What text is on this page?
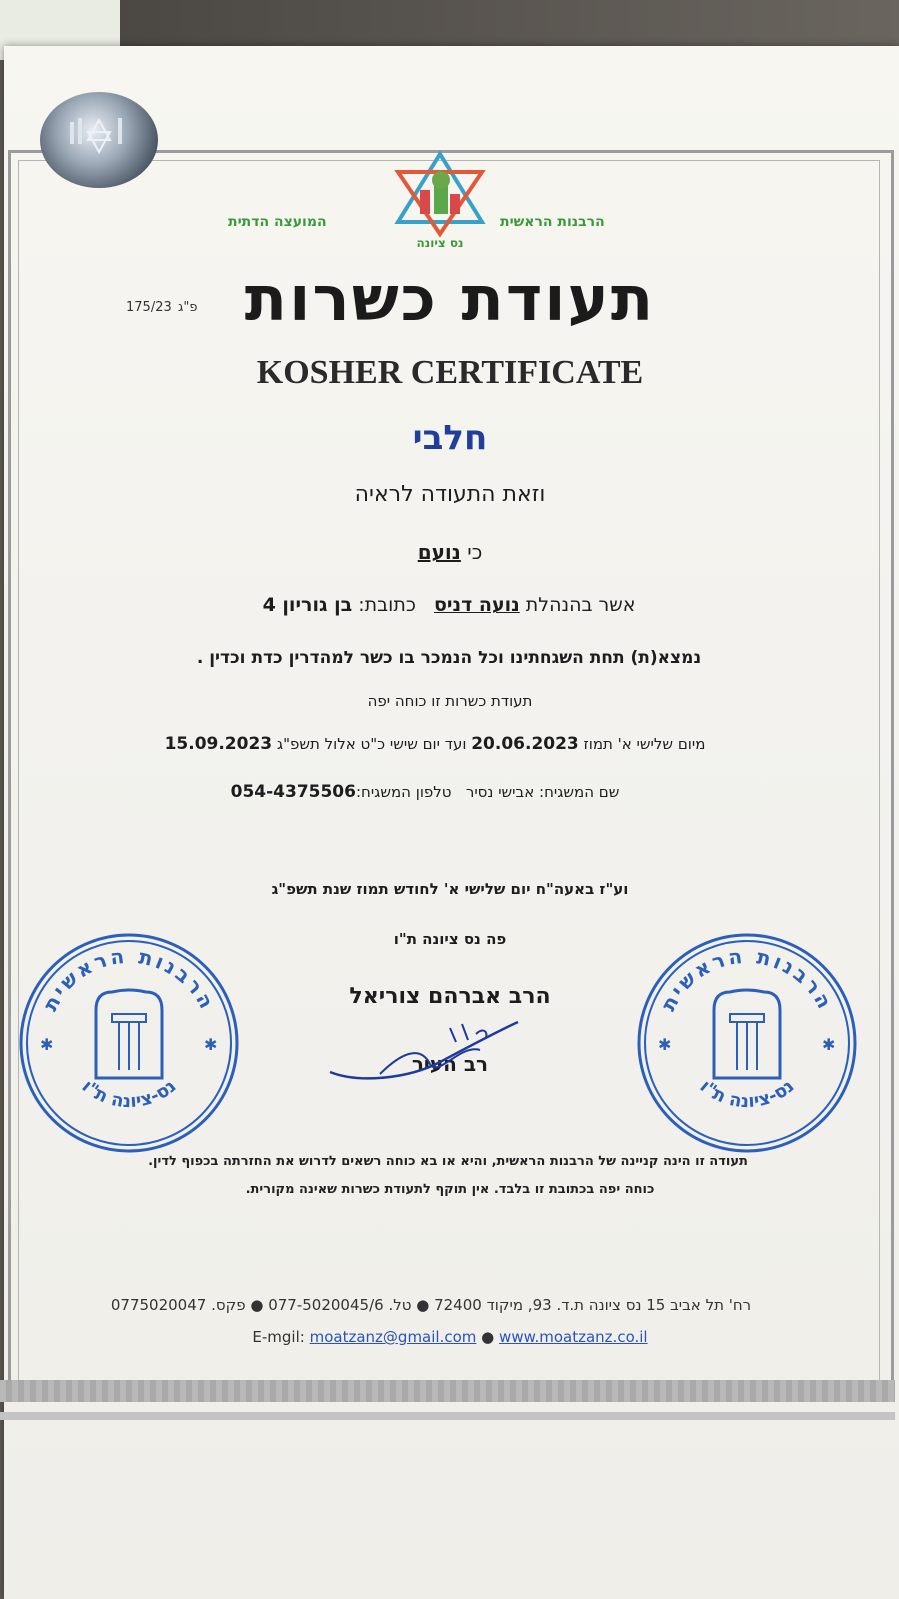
הרבנות הראשית
המועצה הדתית
נס ציונה
175/23 פ"ג תעודת כשרות
KOSHER CERTIFICATE
חלבי
וזאת התעודה לראיה
כי נועם
אשר בהנהלת נועה דניס   כתובת: בן גוריון 4
נמצא(ת) תחת השגחתינו וכל הנמכר בו כשר למהדרין כדת וכדין .
תעודת כשרות זו כוחה יפה
מיום שלישי א' תמוז 20.06.2023 ועד יום שישי כ"ט אלול תשפ"ג 15.09.2023
שם המשגיח: אבישי נסיר   טלפון המשגיח:054-4375506
וע"ז באעה"ח יום שלישי א' לחודש תמוז שנת תשפ"ג
פה נס ציונה ת"ו
הרב אברהם צוריאל
רב העיר
הרבנות הראשית
נס-ציונה ת"ו
✱	✱
הרבנות הראשית
נס-ציונה ת"ו
✱	✱
תעודה זו הינה קניינה של הרבנות הראשית, והיא או בא כוחה רשאים לדרוש את החזרתה בכפוף לדין.
כוחה יפה בכתובת זו בלבד. אין תוקף לתעודת כשרות שאינה מקורית.
רח' תל אביב 15 נס ציונה ת.ד. 93, מיקוד 72400 ● טל. 077-5020045/6 ● פקס. 0775020047
E-mgil: moatzanz@gmail.com ● www.moatzanz.co.il
